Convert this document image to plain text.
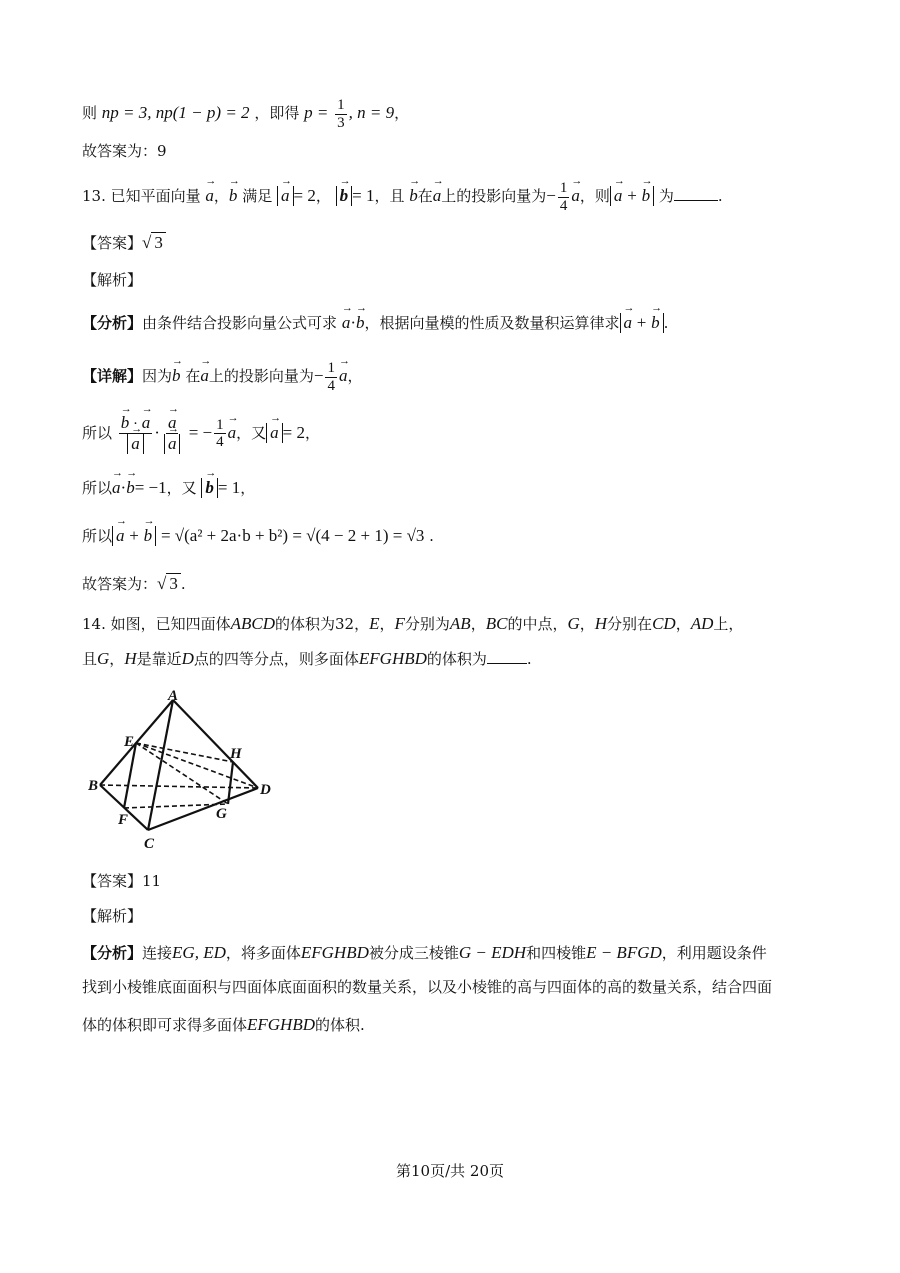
则 np = 3, np(1 − p) = 2 ，即得 $p = \frac{1}{3}$ , n = 9，
故答案为：9
13. 已知平面向量 → a，→ b 满足 → a = 2， → b = 1，且 → b在→ a上的投影向量为− $\frac{1}{4}$
→ a，则→ a + → b 为	.
【答案】√ 3
【解析】
【分析】由条件结合投影向量公式可求 → a·→ b，根据向量模的性质及数量积运算律求→ a + → b .
【详解】因为→ b 在→ a上的投影向量为− $\frac{1}{4}$
→ a，
所以
→ b · → a
→ a ·
→ a
→ a = − $\frac{1}{4}$
→ a，又→ a = 2，
所以→ a·→ b= −1，又 → b = 1，
所以→ a + → b = √(a² + 2a·b + b²) = √(4 − 2 + 1) = √3 .
故答案为：√ 3 .
14. 如图，已知四面体ABCD的体积为32，E，F分别为AB，BC的中点，G，H分别在CD，AD上，
且G，H是靠近D点的四等分点，则多面体EFGHBD的体积为	.
A
E
H
B	D
F	G
C
【答案】11
【解析】
【分析】连接EG, ED，将多面体EFGHBD被分成三棱锥G − EDH和四棱锥E − BFGD，利用题设条件
找到小棱锥底面面积与四面体底面面积的数量关系，以及小棱锥的高与四面体的高的数量关系，结合四面
体的体积即可求得多面体EFGHBD的体积.
第10页/共 20页
